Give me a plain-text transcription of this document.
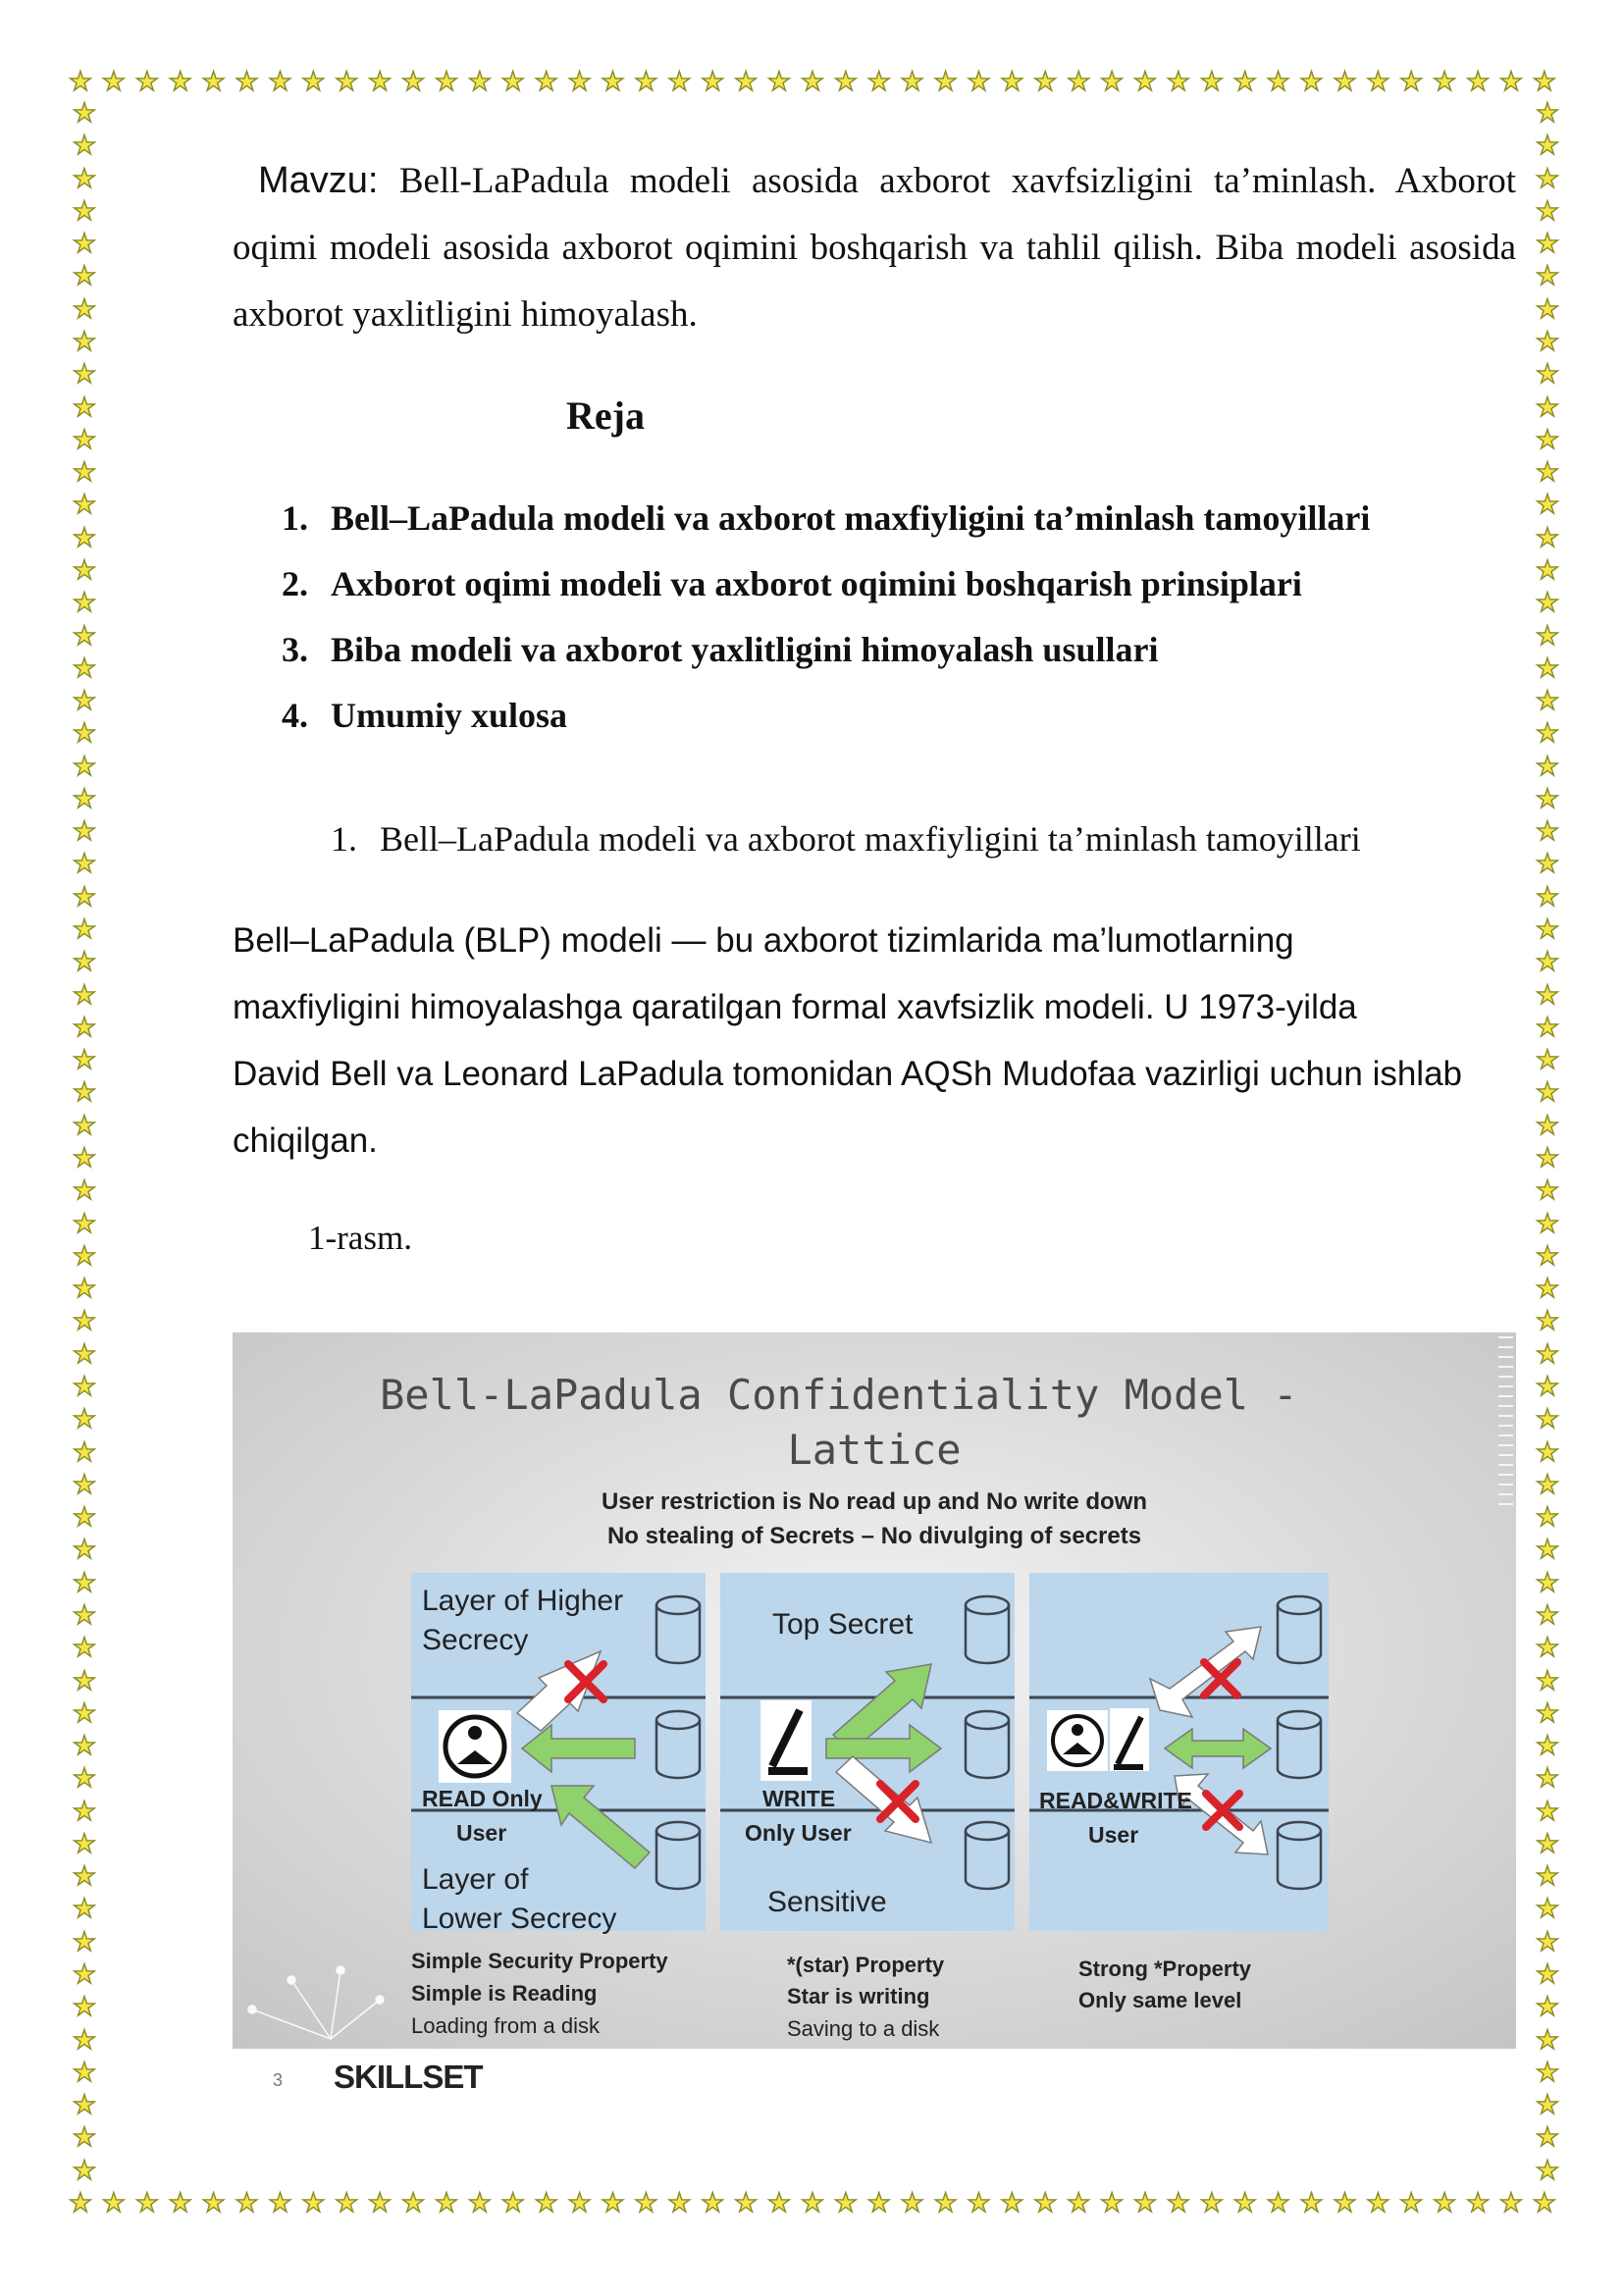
★ ★ ★ ★ ★ ★ ★ ★ ★ ★ ★ ★ ★ ★ ★ ★ ★ ★ ★ ★ ★ ★ ★ ★ ★ ★ ★ ★ ★ ★ ★ ★ ★ ★ ★ ★ ★ ★ ★ ★ ★ ★ ★ ★ ★
★ ★ ★ ★ ★ ★ ★ ★ ★ ★ ★ ★ ★ ★ ★ ★ ★ ★ ★ ★ ★ ★ ★ ★ ★ ★ ★ ★ ★ ★ ★ ★ ★ ★ ★ ★ ★ ★ ★ ★ ★ ★ ★ ★ ★
★
★
★
★
★
★
★
★
★
★
★
★
★
★
★
★
★
★
★
★
★
★
★
★
★
★
★
★
★
★
★
★
★
★
★
★
★
★
★
★
★
★
★
★
★
★
★
★
★
★
★
★
★
★
★
★
★
★
★
★
★
★
★
★
★
★
★
★
★
★
★
★
★
★
★
★
★
★
★
★
★
★
★
★
★
★
★
★
★
★
★
★
★
★
★
★
★
★
★
★
★
★
★
★
★
★
★
★
★
★
★
★
★
★
★
★
★
★
★
★
★
★
★
★
★
★
★
★

Mavzu: Bell-LaPadula modeli asosida axborot xavfsizligini ta’minlash. Axborot oqimi modeli asosida axborot oqimini boshqarish va tahlil qilish. Biba modeli asosida axborot yaxlitligini himoyalash.

Reja
1. Bell–LaPadula modeli va axborot maxfiyligini ta’minlash tamoyillari
2. Axborot oqimi modeli va axborot oqimini boshqarish prinsiplari
3. Biba modeli va axborot yaxlitligini himoyalash usullari
4. Umumiy xulosa

1. Bell–LaPadula modeli va axborot maxfiyligini ta’minlash tamoyillari

Bell–LaPadula (BLP) modeli — bu axborot tizimlarida ma’lumotlarning
maxfiyligini himoyalashga qaratilgan formal xavfsizlik modeli. U 1973-yilda
David Bell va Leonard LaPadula tomonidan AQSh Mudofaa vazirligi uchun ishlab
chiqilgan.

1-rasm.

Bell-LaPadula Confidentiality Model -
Lattice
User restriction is No read up and No write down
No stealing of Secrets – No divulging of secrets
Layer of Higher
Secrecy
READ Only
User
Layer of
Lower Secrecy
Top Secret
WRITE
Only User
Sensitive
READ&WRITE
User
Simple Security Property
Simple is Reading
Loading from a disk
*(star) Property
Star is writing
Saving to a disk
Strong *Property
Only same level
3 SKILLSET
